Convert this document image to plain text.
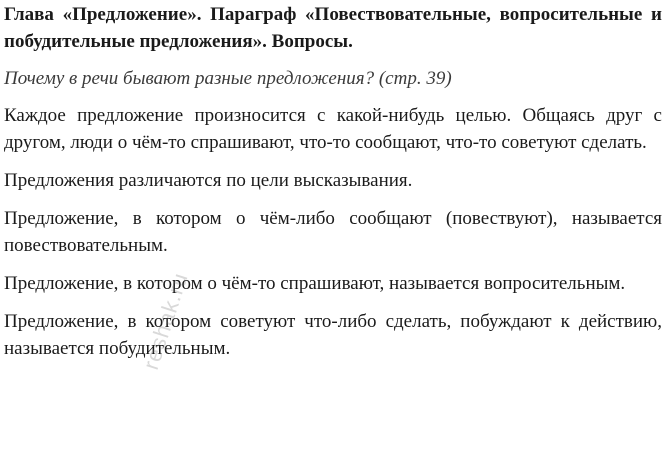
Глава «Предложение». Параграф «Повествовательные, вопросительные и побудительные предложения». Вопросы.
Почему в речи бывают разные предложения? (стр. 39)

Каждое предложение произносится с какой-нибудь целью. Общаясь друг с другом, люди о чём-то спрашивают, что-то сообщают, что-то советуют сделать.

Предложения различаются по цели высказывания.

Предложение, в котором о чём-либо сообщают (повествуют), называется повествовательным.

Предложение, в котором о чём-то спрашивают, называется вопросительным.

Предложение, в котором советуют что-либо сделать, побуждают к действию, называется побудительным.

reshak.ru
